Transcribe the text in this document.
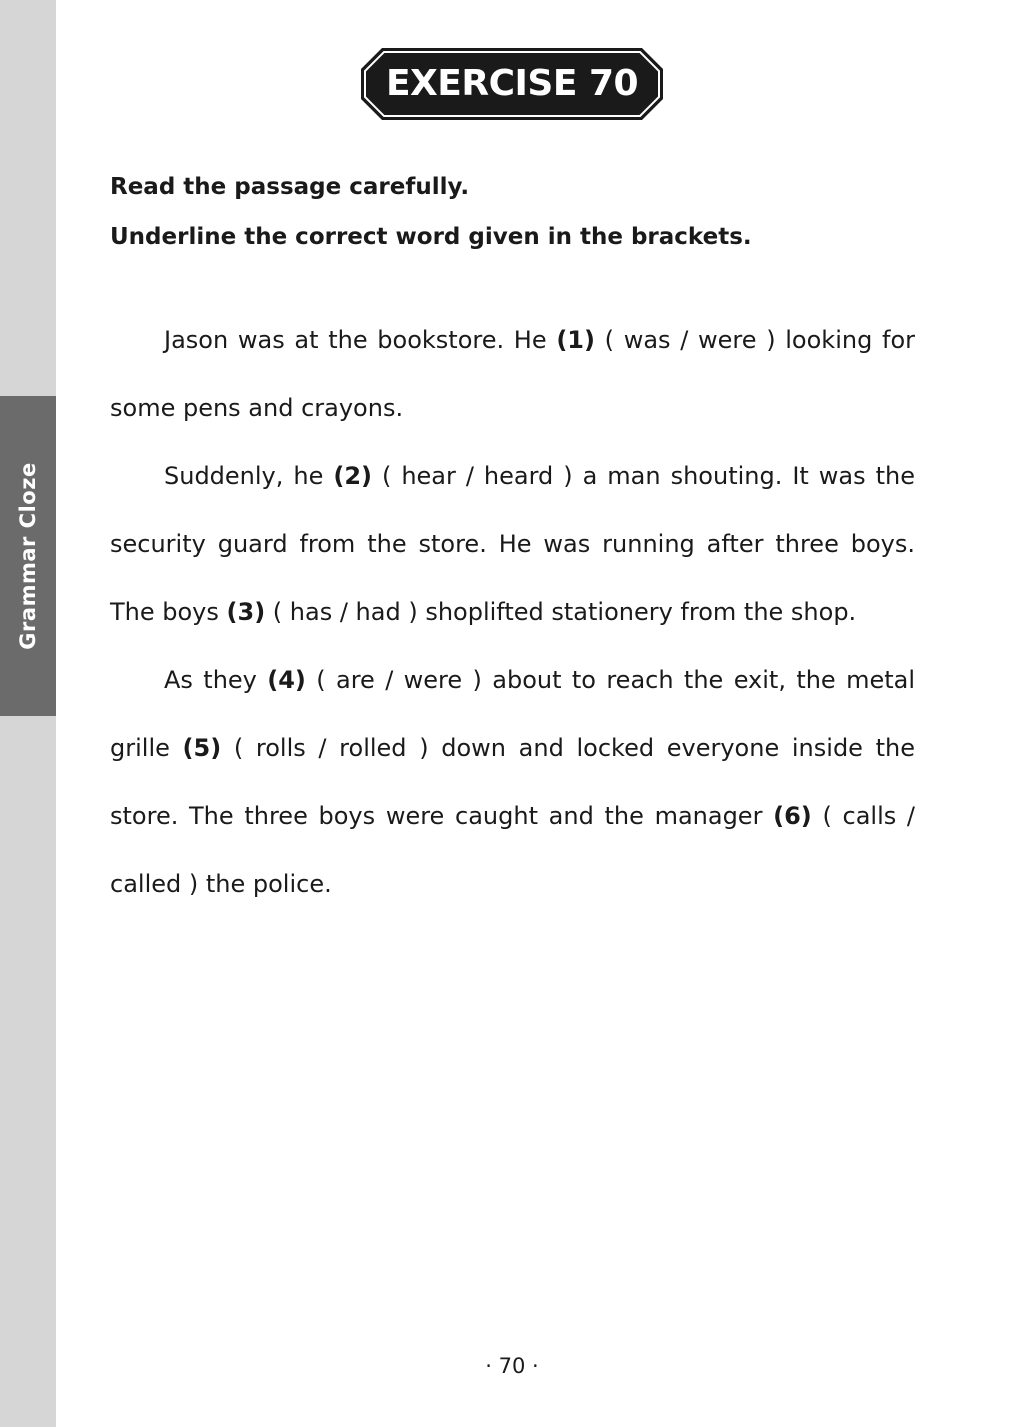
Grammar Cloze
EXERCISE 70
Read the passage carefully.
Underline the correct word given in the brackets.

Jason was at the bookstore. He (1) ( was / were ) looking for some pens and crayons.

Suddenly, he (2) ( hear / heard ) a man shouting. It was the security guard from the store. He was running after three boys. The boys (3) ( has / had ) shoplifted stationery from the shop.

As they (4) ( are / were ) about to reach the exit, the metal grille (5) ( rolls / rolled ) down and locked everyone inside the store. The three boys were caught and the manager (6) ( calls / called ) the police.

· 70 ·
